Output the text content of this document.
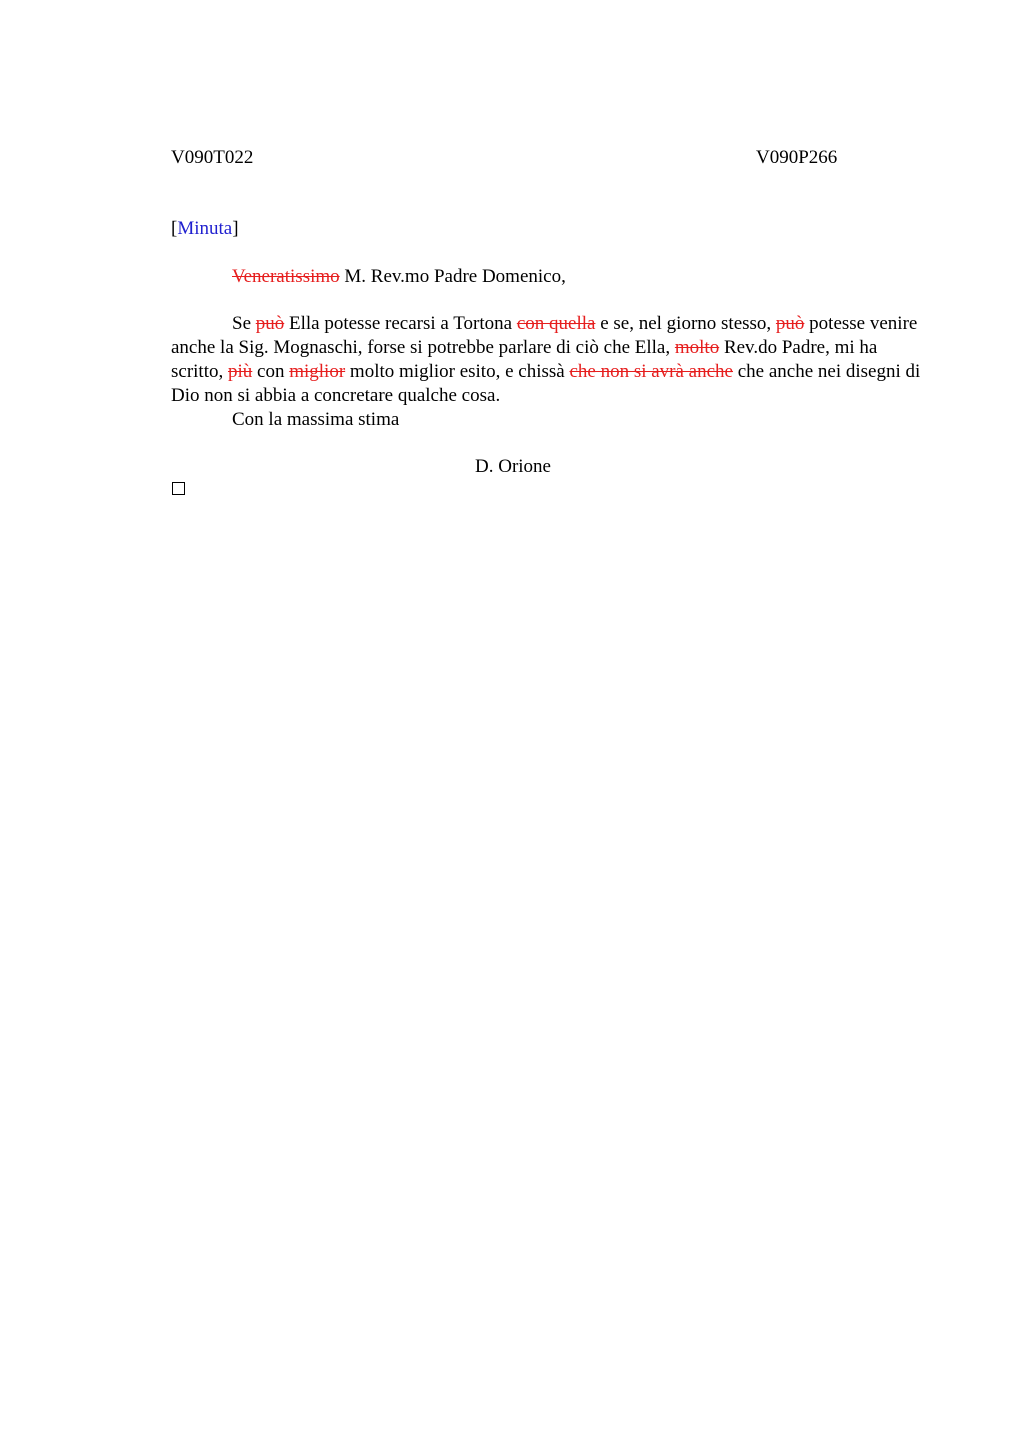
V090T022	V090P266
[Minuta]
Veneratissimo M. Rev.mo Padre Domenico,

Se può Ella potesse recarsi a Tortona con quella e se, nel giorno stesso, può potesse venire anche la Sig. Mognaschi, forse si potrebbe parlare di ciò che Ella, molto Rev.do Padre, mi ha scritto, più con miglior molto miglior esito, e chissà che non si avrà anche che anche nei disegni di Dio non si abbia a concretare qualche cosa.

Con la massima stima

D. Orione
